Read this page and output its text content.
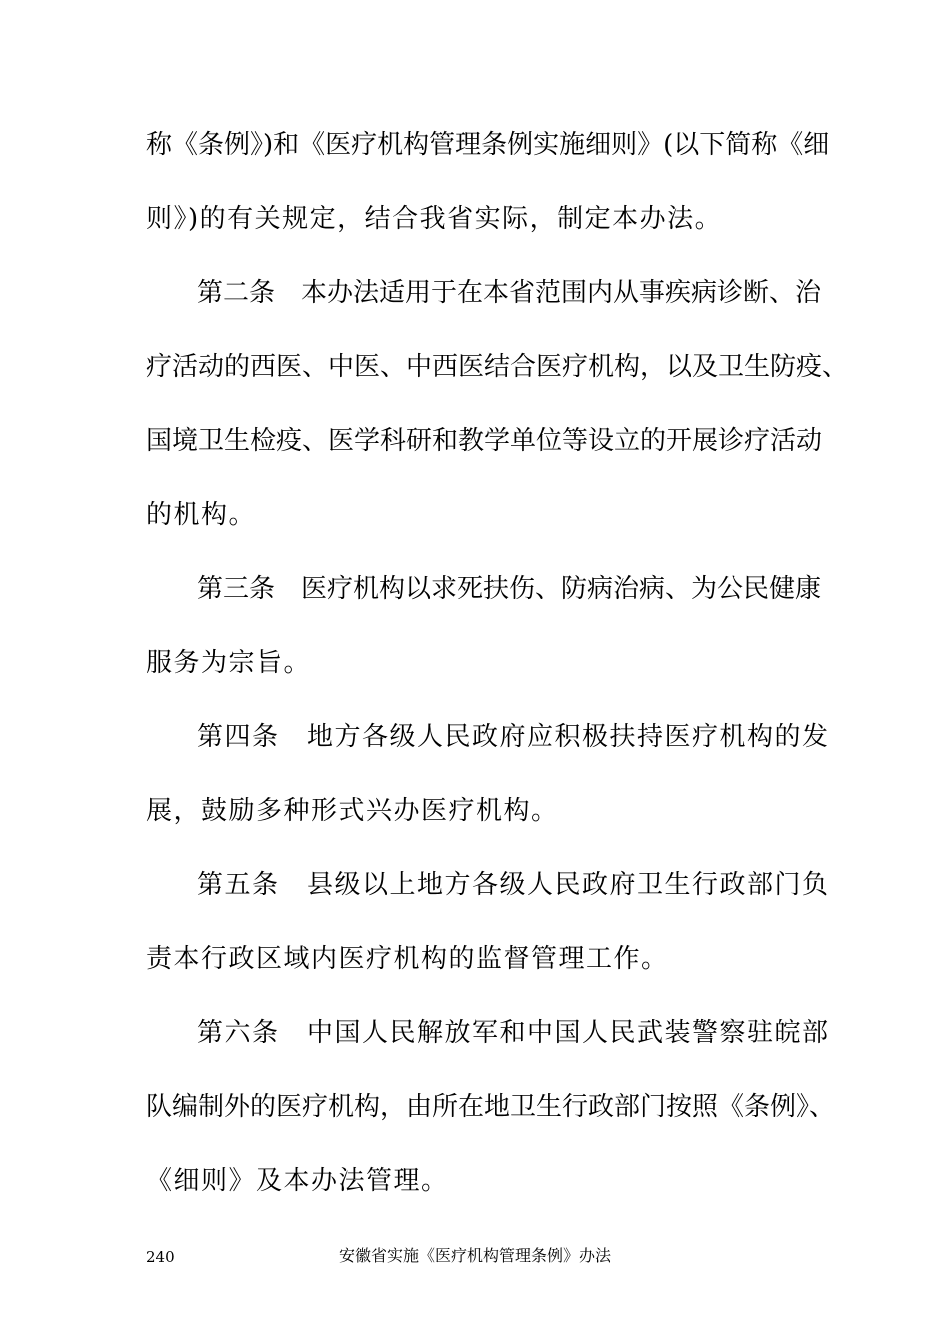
称《条例》)和《医疗机构管理条例实施细则》(以下简称《细
则》)的有关规定，结合我省实际，制定本办法。
第二条　本办法适用于在本省范围内从事疾病诊断、治
疗活动的西医、中医、中西医结合医疗机构，以及卫生防疫、
国境卫生检疫、医学科研和教学单位等设立的开展诊疗活动
的机构。
第三条　医疗机构以求死扶伤、防病治病、为公民健康
服务为宗旨。
第四条　地方各级人民政府应积极扶持医疗机构的发
展，鼓励多种形式兴办医疗机构。
第五条　县级以上地方各级人民政府卫生行政部门负
责本行政区域内医疗机构的监督管理工作。
第六条　中国人民解放军和中国人民武装警察驻皖部
队编制外的医疗机构，由所在地卫生行政部门按照《条例》、
《细则》及本办法管理。
240	安徽省实施《医疗机构管理条例》办法
